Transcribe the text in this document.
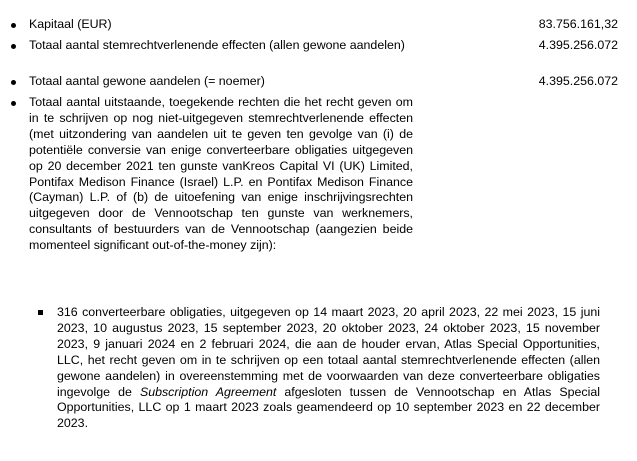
Kapitaal (EUR)	83.756.161,32
Totaal aantal stemrechtverlenende effecten (allen gewone aandelen)	4.395.256.072
Totaal aantal gewone aandelen (= noemer)	4.395.256.072
Totaal aantal uitstaande, toegekende rechten die het recht geven om in te schrijven op nog niet-uitgegeven stemrechtverlenende effecten (met uitzondering van aandelen uit te geven ten gevolge van (i) de potentiële conversie van enige converteerbare obligaties uitgegeven op 20 december 2021 ten gunste vanKreos Capital VI (UK) Limited, Pontifax Medison Finance (Israel) L.P. en Pontifax Medison Finance (Cayman) L.P. of (b) de uitoefening van enige inschrijvingsrechten uitgegeven door de Vennootschap ten gunste van werknemers, consultants of bestuurders van de Vennootschap (aangezien beide momenteel significant out-of-the-money zijn):
316 converteerbare obligaties, uitgegeven op 14 maart 2023, 20 april 2023, 22 mei 2023, 15 juni 2023, 10 augustus 2023, 15 september 2023, 20 oktober 2023, 24 oktober 2023, 15 november 2023, 9 januari 2024 en 2 februari 2024, die aan de houder ervan, Atlas Special Opportunities, LLC, het recht geven om in te schrijven op een totaal aantal stemrechtverlenende effecten (allen gewone aandelen) in overeenstemming met de voorwaarden van deze converteerbare obligaties ingevolge de Subscription Agreement afgesloten tussen de Vennootschap en Atlas Special Opportunities, LLC op 1 maart 2023 zoals geamendeerd op 10 september 2023 en 22 december 2023.
